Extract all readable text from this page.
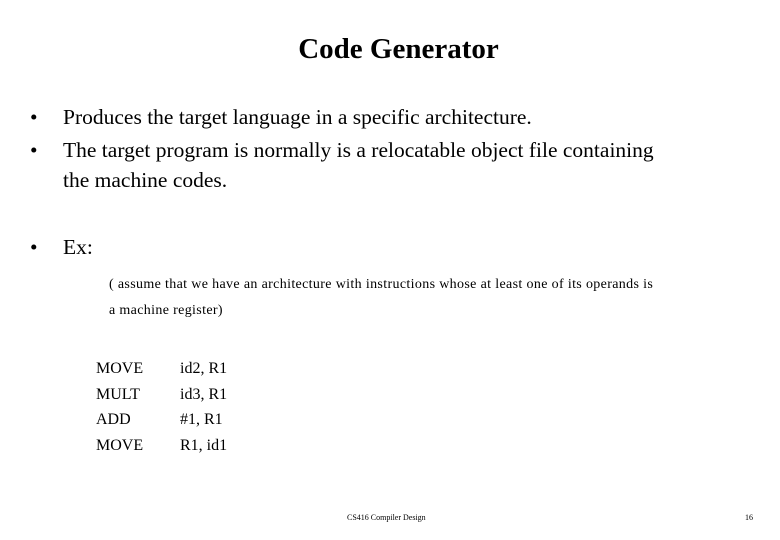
Code Generator
• Produces the target language in a specific architecture.
• The target program is normally is a relocatable object file containing
the machine codes.
• Ex:
( assume that we have an architecture with instructions whose at least one of its operands is
a machine register)
MOVE id2, R1
MULT	id3, R1
ADD	#1, R1
MOVE R1, id1
CS416 Compiler Design	16
